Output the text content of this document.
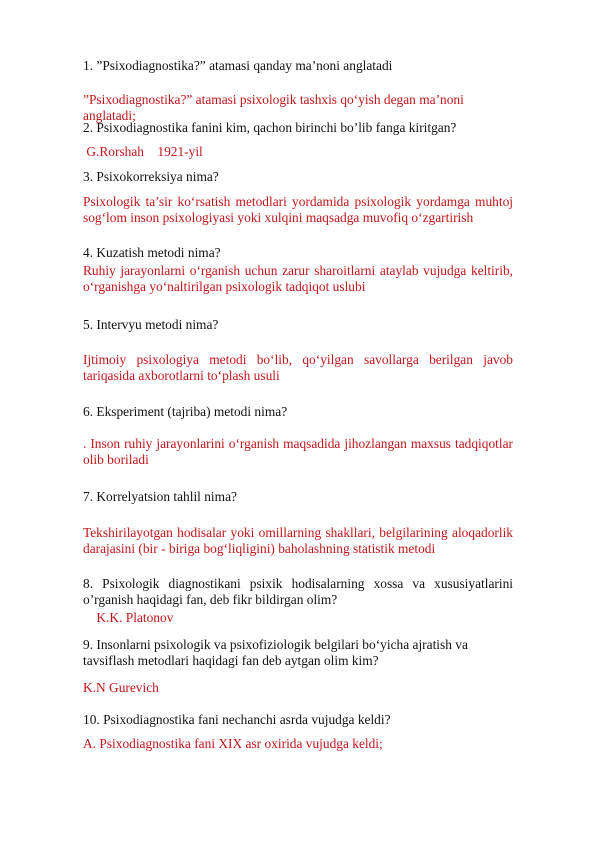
1. ”Psixodiagnostika?” atamasi qanday ma’noni anglatadi

”Psixodiagnostika?” atamasi psixologik tashxis qo‘yish degan ma’noni anglatadi;

2. Psixodiagnostika fanini kim, qachon birinchi bo’lib fanga kiritgan?

G.Rorshah    1921-yil

3. Psixokorreksiya nima?

Psixologik ta’sir ko‘rsatish metodlari yordamida psixologik yordamga muhtoj sog‘lom inson psixologiyasi yoki xulqini maqsadga muvofiq o‘zgartirish

4. Kuzatish metodi nima?

Ruhiy jarayonlarni o‘rganish uchun zarur sharoitlarni ataylab vujudga keltirib, o‘rganishga yo‘naltirilgan psixologik tadqiqot uslubi

5. Intervyu metodi nima?

Ijtimoiy psixologiya metodi bo‘lib, qo‘yilgan savollarga berilgan javob tariqasida axborotlarni to‘plash usuli

6. Eksperiment (tajriba) metodi nima?

. Inson ruhiy jarayonlarini o‘rganish maqsadida jihozlangan maxsus tadqiqotlar olib boriladi

7. Korrelyatsion tahlil nima?

Tekshirilayotgan hodisalar yoki omillarning shakllari, belgilarining aloqadorlik darajasini (bir - biriga bog‘liqligini) baholashning statistik metodi

8. Psixologik diagnostikani psixik hodisalarning xossa va xususiyatlarini o’rganish haqidagi fan, deb fikr bildirgan olim?

K.K. Platonov

9. Insonlarni psixologik va psixofiziologik belgilari bo‘yicha ajratish va tavsiflash metodlari haqidagi fan deb aytgan olim kim?

K.N Gurevich

10. Psixodiagnostika fani nechanchi asrda vujudga keldi?

A. Psixodiagnostika fani XIX asr oxirida vujudga keldi;
